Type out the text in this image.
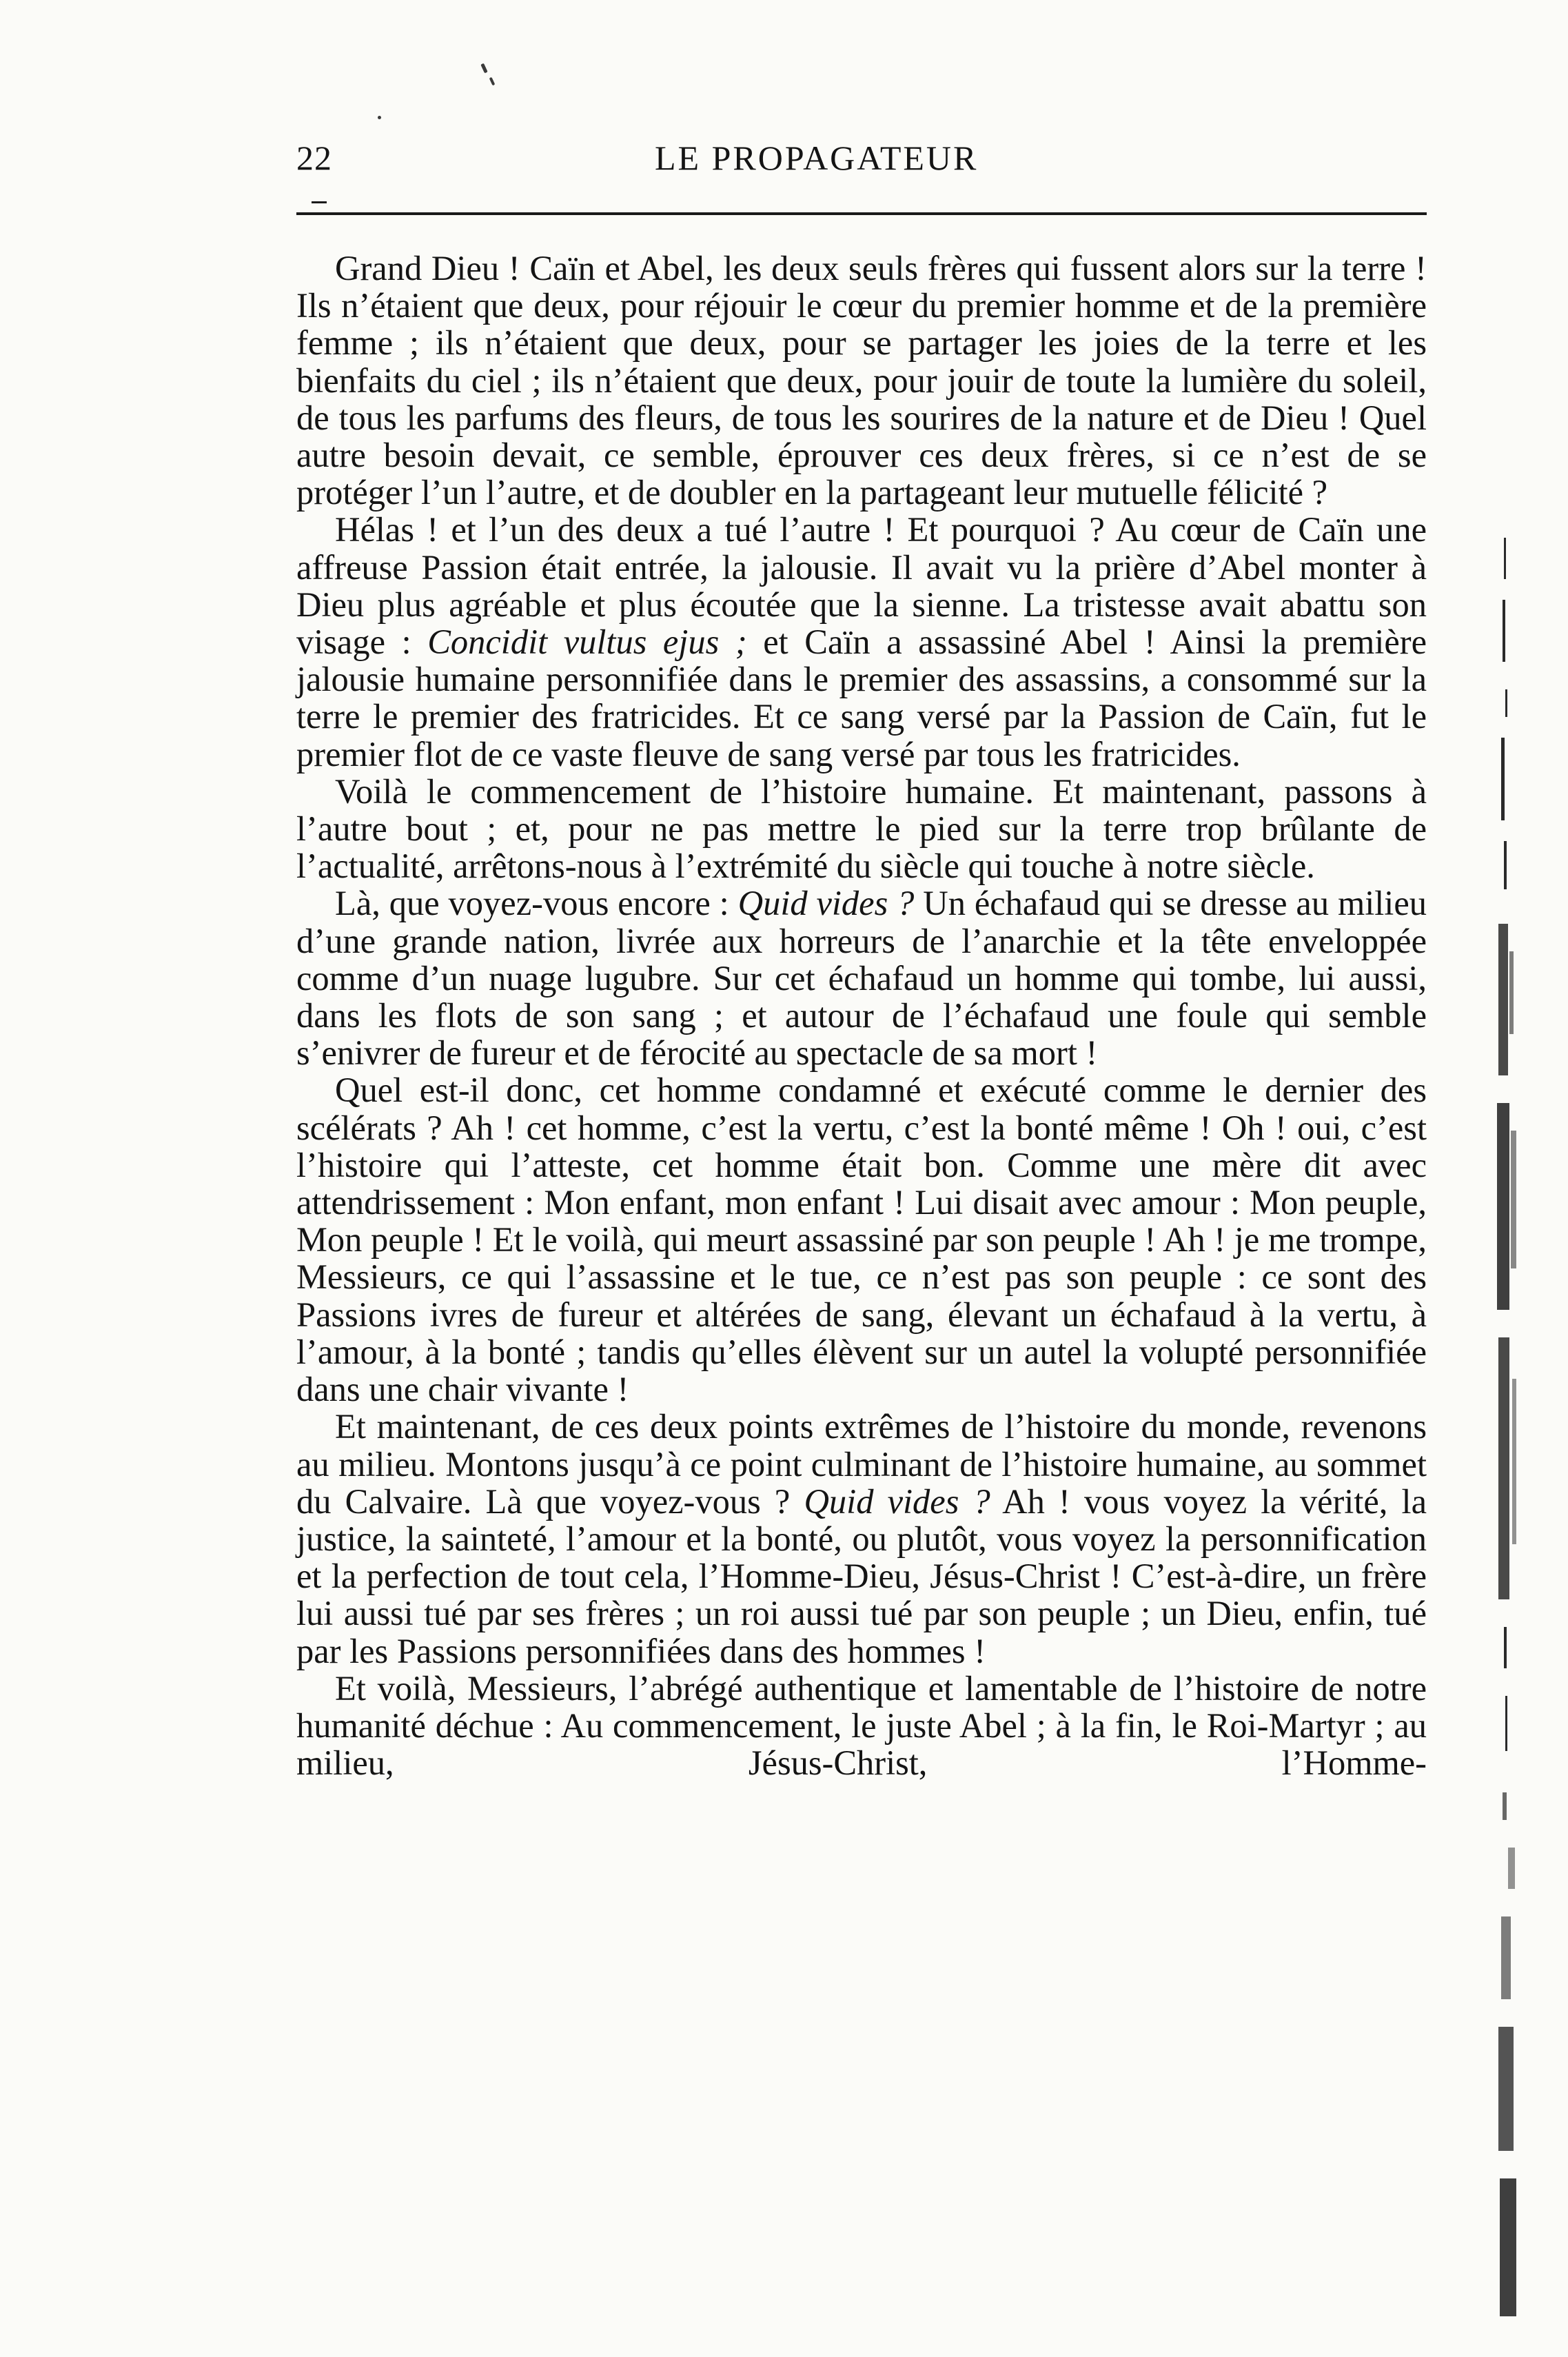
22	LE PROPAGATEUR

Grand Dieu ! Caïn et Abel, les deux seuls frères qui fussent alors sur la terre ! Ils n’étaient que deux, pour réjouir le cœur du premier homme et de la première femme ; ils n’étaient que deux, pour se partager les joies de la terre et les bienfaits du ciel ; ils n’étaient que deux, pour jouir de toute la lumière du soleil, de tous les parfums des fleurs, de tous les sourires de la nature et de Dieu ! Quel autre besoin devait, ce semble, éprouver ces deux frères, si ce n’est de se protéger l’un l’autre, et de doubler en la partageant leur mutuelle félicité ?

Hélas ! et l’un des deux a tué l’autre ! Et pourquoi ? Au cœur de Caïn une affreuse Passion était entrée, la jalousie. Il avait vu la prière d’Abel monter à Dieu plus agréable et plus écoutée que la sienne. La tristesse avait abattu son visage : Concidit vultus ejus ; et Caïn a assassiné Abel ! Ainsi la première jalousie humaine personnifiée dans le premier des assassins, a consommé sur la terre le premier des fratricides. Et ce sang versé par la Passion de Caïn, fut le premier flot de ce vaste fleuve de sang versé par tous les fratricides.

Voilà le commencement de l’histoire humaine. Et maintenant, passons à l’autre bout ; et, pour ne pas mettre le pied sur la terre trop brûlante de l’actualité, arrêtons-nous à l’extrémité du siècle qui touche à notre siècle.

Là, que voyez-vous encore : Quid vides ? Un échafaud qui se dresse au milieu d’une grande nation, livrée aux horreurs de l’anarchie et la tête enveloppée comme d’un nuage lugubre. Sur cet échafaud un homme qui tombe, lui aussi, dans les flots de son sang ; et autour de l’échafaud une foule qui semble s’enivrer de fureur et de férocité au spectacle de sa mort !

Quel est-il donc, cet homme condamné et exécuté comme le dernier des scélérats ? Ah ! cet homme, c’est la vertu, c’est la bonté même ! Oh ! oui, c’est l’histoire qui l’atteste, cet homme était bon. Comme une mère dit avec attendrissement : Mon enfant, mon enfant ! Lui disait avec amour : Mon peuple, Mon peuple ! Et le voilà, qui meurt assassiné par son peuple ! Ah ! je me trompe, Messieurs, ce qui l’assassine et le tue, ce n’est pas son peuple : ce sont des Passions ivres de fureur et altérées de sang, élevant un échafaud à la vertu, à l’amour, à la bonté ; tandis qu’elles élèvent sur un autel la volupté personnifiée dans une chair vivante !

Et maintenant, de ces deux points extrêmes de l’histoire du monde, revenons au milieu. Montons jusqu’à ce point culminant de l’histoire humaine, au sommet du Calvaire. Là que voyez-vous ? Quid vides ? Ah ! vous voyez la vérité, la justice, la sainteté, l’amour et la bonté, ou plutôt, vous voyez la personnification et la perfection de tout cela, l’Homme-Dieu, Jésus-Christ ! C’est-à-dire, un frère lui aussi tué par ses frères ; un roi aussi tué par son peuple ; un Dieu, enfin, tué par les Passions personnifiées dans des hommes !

Et voilà, Messieurs, l’abrégé authentique et lamentable de l’histoire de notre humanité déchue : Au commencement, le juste Abel ; à la fin, le Roi-Martyr ; au milieu, Jésus-Christ, l’Homme-
